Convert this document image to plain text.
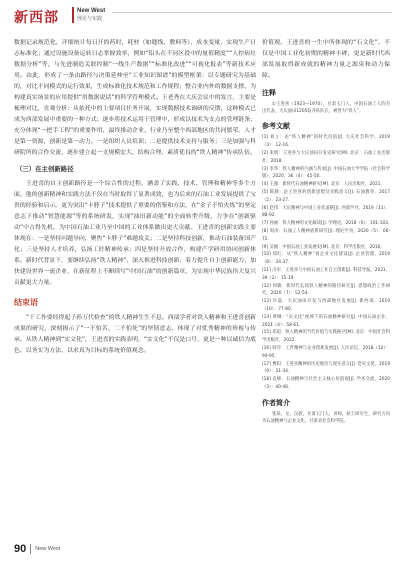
新西部	New West
理论与实践

数据记录规范化，详细统计每日开的药时，耗材（如缝线、敷料等），成本变量，实现生产日志标准化；通过设施设备运转日志掌握效率，例如“铝头在不同区段中的量值精度”“人控病灶数据分析”等，与先进制造关联控制“一线生产数据”“标准化改进”“可视化报表”等新技术应用。由此，形成了一条由路径与决策延伸至“工业知识图谱”的模型框架：以专题研究为基础的，对比不同模式的运行效果，生成标准化技术规范和工作规程；整合业内外的数据支撑，为构建真实场景的应用提供“用数据说话”的科学管理模式。王老秀在大庆会议中的发言，主要是梳理对比，直观分析：从依托中的主要项目任务开展，实现数据技术调研的反馈，这种模式已成为西部发展中重要的一种方式；逐步将技术运用于管理中，形成以技术为支点的管理链条；充分体现“一把手工程”的重要作用，最终推动企业、行业乃至整个西部地区的共同繁荣。人才是第一资源，创新是第一动力。一是组织人员培训；二是提供技术支持与服务；三是加强与科研院所的合作交流，逐步建立起一支规模宏大、结构合理、素质优良的“铁人精神”传承队伍。

（三）在主创新路径

王进喜的自主创新路径是一个综合性的过程，涵盖了实践、技术、管理和精神等多个方面。他的创新精神和实践方法不仅在当时取得了显著成效，也为后来的石油工业发展提供了宝贵的经验和启示。更为突出“卡脖子”技术提供了重要的借鉴和方法，在“金子不怕火炼”的坚定意志下推动“智慧能源”等的系统研发，实现“油田新动能”的全面转型升级，力争在“创新驱动”中占得先机，为中国石油工业乃至中国的工业体系做出更大贡献。王进喜的创新实践主要体现在：一是坚持问题导向，聚焦“卡脖子”难题攻关；二是坚持科技创新，推动石油装备国产化；三是坚持人才培养，弘扬工匠精神传承；四是坚持开放合作，构建产学研用协同创新体系。新时代背景下，要继续弘扬“铁人精神”，深入推进科技创新，着力提升自主创新能力，加快建设世界一流企业，在新征程上不断续写“中国石油”的创新篇章，为实现中华民族伟大复兴贡献更大力量。

结束语

“干工作要经得起子孙万代检查”的铁人精神生生不息。西部学者对铁人精神和王进喜创新成果的研究，深刻揭示了“一不怕苦、二不怕死”的坚韧意志，体现了对优秀精神的珍视与传承。从铁人精神到“实文化”，王进喜的实践表明，“实文化”不仅是口号，更是一种以诚信为底色、以务实为方法、以求真为目标的系统价值观念。

价值观。王进喜的一生中所体现的“石文化”，不仅是中国工业化初期的精神丰碑，更是新时代西部发展取得新成就的精神力量之源泉和动力保障。

注释

①王进喜（1923—1970），甘肃玉门人，中国石油工人的杰出代表，大庆油田1205钻井队队长，被誉为“铁人”。

参考文献
[1] 刘立：论“铁人精神”的时代价值[J]. 大庆社会科学，2019（3）：12-16.
[2] 张明：王进喜与大庆油田开发史研究[M]. 北京：石油工业出版社，2018.
[3] 李华：铁人精神的内涵与传承[J]. 中国石油大学学报（社会科学版），2020，36（4）：45-50.
[4] 王强：新时代石油精神研究[M]. 北京：人民出版社，2021.
[5] 陈静：论王进喜的创新思想及实践意义[J]. 石油教育，2017（2）：23-27.
[6] 赵伟：大庆精神与中国工业化道路[J]. 西部学刊，2019（11）：88-92.
[7] 孙丽：铁人精神的文化解读[J]. 学理论，2018（6）：101-103.
[8] 周涛：石油工人精神谱系研究[J]. 理论学刊，2020（5）：66-72.
[9] 吴刚：中国石油工业发展史[M]. 北京：科学出版社，2016.
[10] 郑红：从“铁人精神”看企业文化建设[J]. 企业管理，2019（8）：34-37.
[11] 冯军：王进喜与中国石油工业自主创新[J]. 科技导报，2021，39（2）：15-19.
[12] 何敏：新时代弘扬铁人精神的路径研究[J]. 思想政治工作研究，2020（7）：52-54.
[13] 许磊：大庆油田开发与西部地区发展[J]. 新西部，2019（10）：77-80.
[14] 黄琳：“实文化”视域下的石油精神研究[J]. 中国石油企业，2021（4）：58-61.
[15] 邓超：铁人精神的当代价值与实践路径[M]. 北京：中国社会科学出版社，2022.
[16] 韩雪：工匠精神与企业创新发展[J]. 人民论坛，2018（12）：94-95.
[17] 曹阳：王进喜精神的历史地位与现实意义[J]. 党史文苑，2019（9）：31-34.
[18] 袁峰：石油精神与社会主义核心价值观[J]. 学术交流，2020（3）：40-46.
作者简介

张某，女，汉族，甘肃玉门人，讲师，硕士研究生，研究方向为石油精神与企业文化，甘肃省社会科学院。

90 New West
